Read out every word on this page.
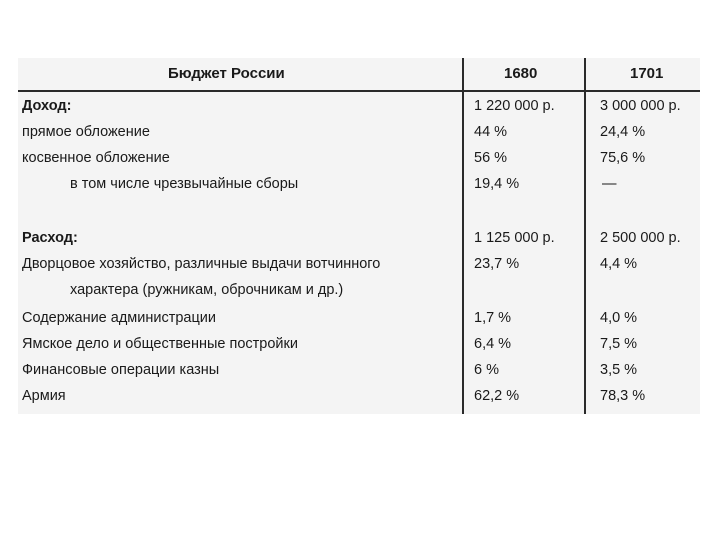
Бюджет России	1680	1701
Доход:	1 220 000 р.	3 000 000 р.
прямое обложение	44 %	24,4 %
косвенное обложение	56 %	75,6 %
в том числе чрезвычайные сборы	19,4 %	—
Расход:	1 125 000 р.	2 500 000 р.
Дворцовое хозяйство, различные выдачи вотчинного	23,7 %	4,4 %
характера (ружникам, оброчникам и др.)
Содержание администрации	1,7 %	4,0 %
Ямское дело и общественные постройки	6,4 %	7,5 %
Финансовые операции казны	6 %	3,5 %
Армия	62,2 %	78,3 %
